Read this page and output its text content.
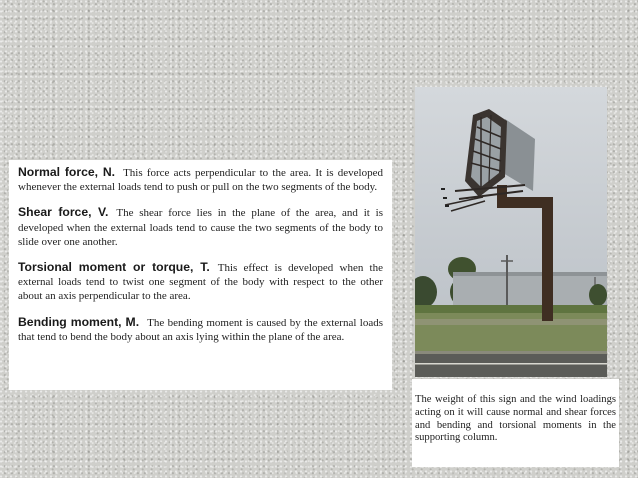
Normal force, N. This force acts perpendicular to the area. It is developed whenever the external loads tend to push or pull on the two segments of the body.

Shear force, V. The shear force lies in the plane of the area, and it is developed when the external loads tend to cause the two segments of the body to slide over one another.

Torsional moment or torque, T. This effect is developed when the external loads tend to twist one segment of the body with respect to the other about an axis perpendicular to the area.

Bending moment, M. The bending moment is caused by the external loads that tend to bend the body about an axis lying within the plane of the area.

The weight of this sign and the wind loadings acting on it will cause normal and shear forces and bending and torsional moments in the supporting column.
